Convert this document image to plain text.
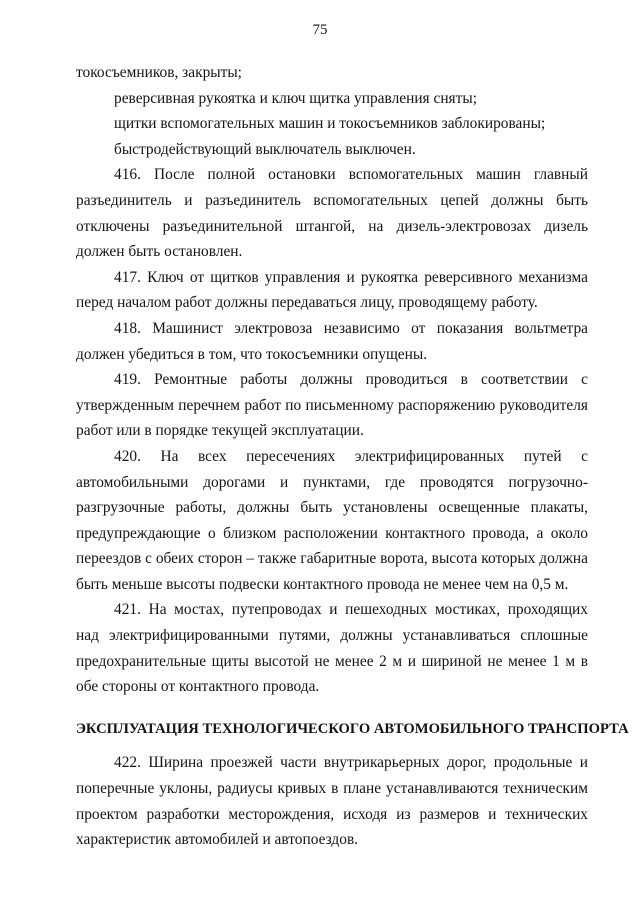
75

токосъемников, закрыты;

реверсивная рукоятка и ключ щитка управления сняты;

щитки вспомогательных машин и токосъемников заблокированы;

быстродействующий выключатель выключен.

416. После полной остановки вспомогательных машин главный разъединитель и разъединитель вспомогательных цепей должны быть отключены разъединительной штангой, на дизель-электровозах дизель должен быть остановлен.

417. Ключ от щитков управления и рукоятка реверсивного механизма перед началом работ должны передаваться лицу, проводящему работу.

418. Машинист электровоза независимо от показания вольтметра должен убедиться в том, что токосъемники опущены.

419. Ремонтные работы должны проводиться в соответствии с утвержденным перечнем работ по письменному распоряжению руководителя работ или в порядке текущей эксплуатации.

420. На всех пересечениях электрифицированных путей с автомобильными дорогами и пунктами, где проводятся погрузочно-разгрузочные работы, должны быть установлены освещенные плакаты, предупреждающие о близком расположении контактного провода, а около переездов с обеих сторон – также габаритные ворота, высота которых должна быть меньше высоты подвески контактного провода не менее чем на 0,5 м.

421. На мостах, путепроводах и пешеходных мостиках, проходящих над электрифицированными путями, должны устанавливаться сплошные предохранительные щиты высотой не менее 2 м и шириной не менее 1 м в обе стороны от контактного провода.

ЭКСПЛУАТАЦИЯ ТЕХНОЛОГИЧЕСКОГО АВТОМОБИЛЬНОГО ТРАНСПОРТА

422. Ширина проезжей части внутрикарьерных дорог, продольные и поперечные уклоны, радиусы кривых в плане устанавливаются техническим проектом разработки месторождения, исходя из размеров и технических характеристик автомобилей и автопоездов.
